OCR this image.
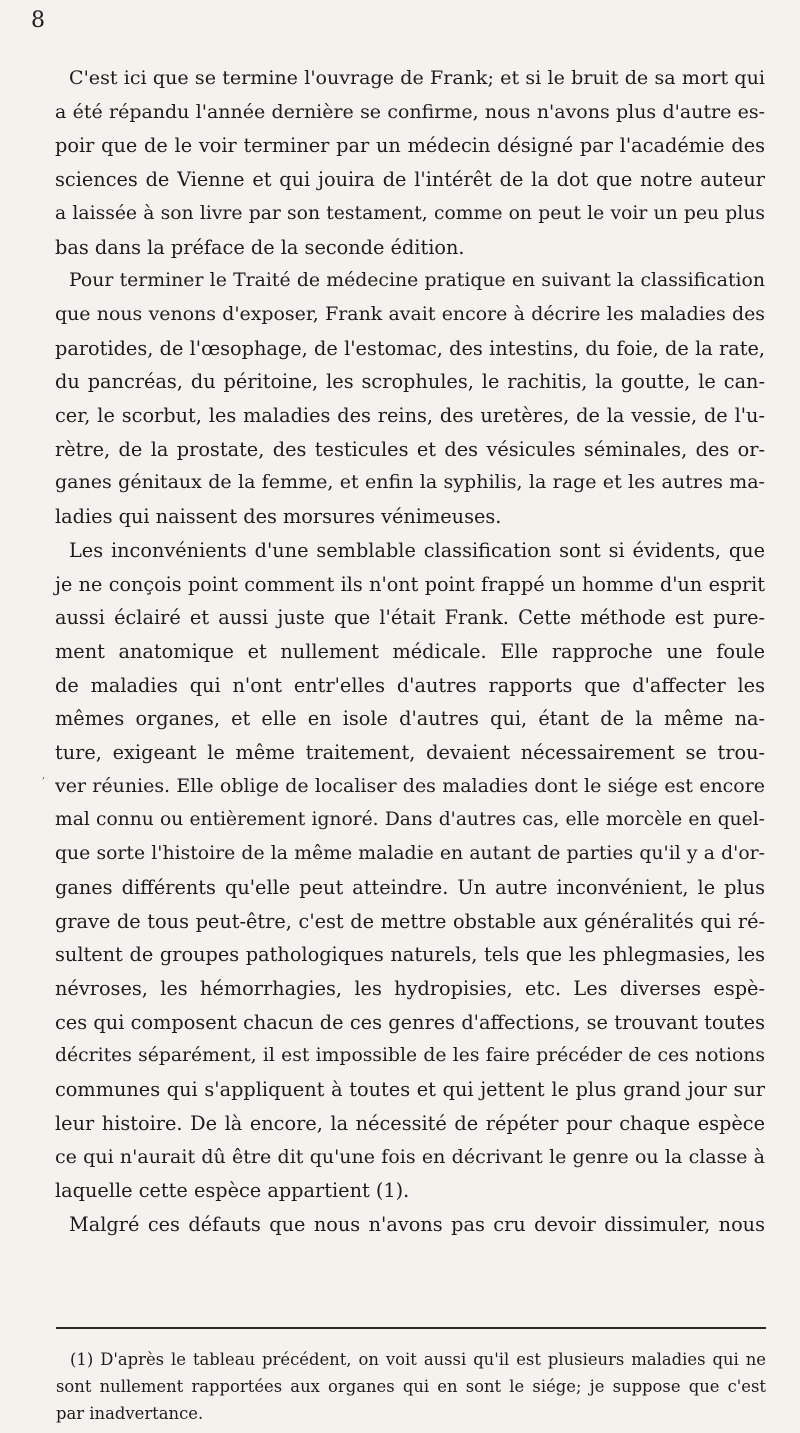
8
,
C'est ici que se termine l'ouvrage de Frank; et si le bruit de sa mort qui
a été répandu l'année dernière se confirme, nous n'avons plus d'autre es-
poir que de le voir terminer par un médecin désigné par l'académie des
sciences de Vienne et qui jouira de l'intérêt de la dot que notre auteur
a laissée à son livre par son testament, comme on peut le voir un peu plus
bas dans la préface de la seconde édition.
Pour terminer le Traité de médecine pratique en suivant la classification
que nous venons d'exposer, Frank avait encore à décrire les maladies des
parotides, de l'œsophage, de l'estomac, des intestins, du foie, de la rate,
du pancréas, du péritoine, les scrophules, le rachitis, la goutte, le can-
cer, le scorbut, les maladies des reins, des uretères, de la vessie, de l'u-
rètre, de la prostate, des testicules et des vésicules séminales, des or-
ganes génitaux de la femme, et enfin la syphilis, la rage et les autres ma-
ladies qui naissent des morsures vénimeuses.
Les inconvénients d'une semblable classification sont si évidents, que
je ne conçois point comment ils n'ont point frappé un homme d'un esprit
aussi éclairé et aussi juste que l'était Frank. Cette méthode est pure-
ment anatomique et nullement médicale. Elle rapproche une foule
de maladies qui n'ont entr'elles d'autres rapports que d'affecter les
mêmes organes, et elle en isole d'autres qui, étant de la même na-
ture, exigeant le même traitement, devaient nécessairement se trou-
ver réunies. Elle oblige de localiser des maladies dont le siége est encore
mal connu ou entièrement ignoré. Dans d'autres cas, elle morcèle en quel-
que sorte l'histoire de la même maladie en autant de parties qu'il y a d'or-
ganes différents qu'elle peut atteindre. Un autre inconvénient, le plus
grave de tous peut-être, c'est de mettre obstable aux généralités qui ré-
sultent de groupes pathologiques naturels, tels que les phlegmasies, les
névroses, les hémorrhagies, les hydropisies, etc. Les diverses espè-
ces qui composent chacun de ces genres d'affections, se trouvant toutes
décrites séparément, il est impossible de les faire précéder de ces notions
communes qui s'appliquent à toutes et qui jettent le plus grand jour sur
leur histoire. De là encore, la nécessité de répéter pour chaque espèce
ce qui n'aurait dû être dit qu'une fois en décrivant le genre ou la classe à
laquelle cette espèce appartient (1).
Malgré ces défauts que nous n'avons pas cru devoir dissimuler, nous
(1) D'après le tableau précédent, on voit aussi qu'il est plusieurs maladies qui ne
sont nullement rapportées aux organes qui en sont le siége; je suppose que c'est
par inadvertance.
